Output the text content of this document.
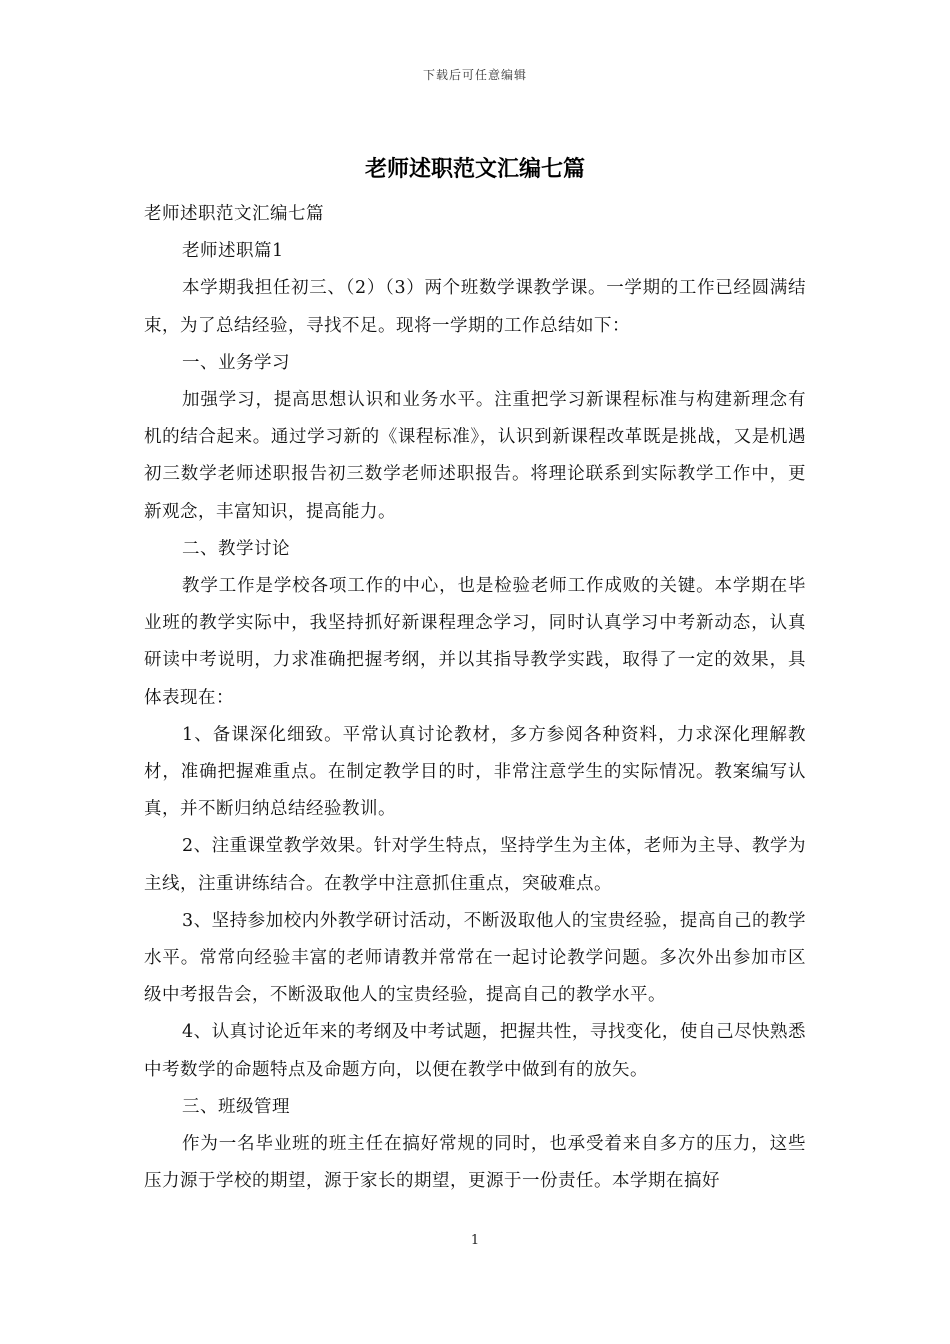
下载后可任意编辑
老师述职范文汇编七篇

老师述职范文汇编七篇

老师述职篇1

本学期我担任初三、（2）（3）两个班数学课教学课。一学期的工作已经圆满结束，为了总结经验，寻找不足。现将一学期的工作总结如下：

一、业务学习

加强学习，提高思想认识和业务水平。注重把学习新课程标准与构建新理念有机的结合起来。通过学习新的《课程标准》，认识到新课程改革既是挑战，又是机遇初三数学老师述职报告初三数学老师述职报告。将理论联系到实际教学工作中，更新观念，丰富知识，提高能力。

二、教学讨论

教学工作是学校各项工作的中心，也是检验老师工作成败的关键。本学期在毕业班的教学实际中，我坚持抓好新课程理念学习，同时认真学习中考新动态，认真研读中考说明，力求准确把握考纲，并以其指导教学实践，取得了一定的效果，具体表现在：

1、备课深化细致。平常认真讨论教材，多方参阅各种资料，力求深化理解教材，准确把握难重点。在制定教学目的时，非常注意学生的实际情况。教案编写认真，并不断归纳总结经验教训。

2、注重课堂教学效果。针对学生特点，坚持学生为主体，老师为主导、教学为主线，注重讲练结合。在教学中注意抓住重点，突破难点。

3、坚持参加校内外教学研讨活动，不断汲取他人的宝贵经验，提高自己的教学水平。常常向经验丰富的老师请教并常常在一起讨论教学问题。多次外出参加市区级中考报告会，不断汲取他人的宝贵经验，提高自己的教学水平。

4、认真讨论近年来的考纲及中考试题，把握共性，寻找变化，使自己尽快熟悉中考数学的命题特点及命题方向，以便在教学中做到有的放矢。

三、班级管理

作为一名毕业班的班主任在搞好常规的同时，也承受着来自多方的压力，这些压力源于学校的期望，源于家长的期望，更源于一份责任。本学期在搞好

1
